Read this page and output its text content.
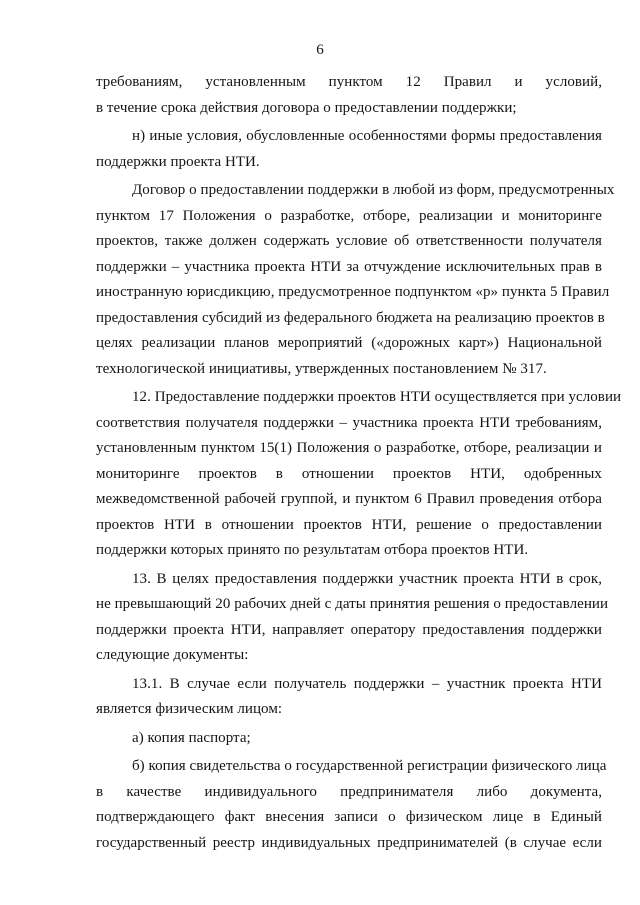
6
требованиям, установленным пунктом 12 Правил и условий,
в течение срока действия договора о предоставлении поддержки;
н) иные условия, обусловленные особенностями формы предоставления
поддержки проекта НТИ.
Договор о предоставлении поддержки в любой из форм, предусмотренных
пунктом 17 Положения о разработке, отборе, реализации и мониторинге
проектов, также должен содержать условие об ответственности получателя
поддержки – участника проекта НТИ за отчуждение исключительных прав в
иностранную юрисдикцию, предусмотренное подпунктом «р» пункта 5 Правил
предоставления субсидий из федерального бюджета на реализацию проектов в
целях реализации планов мероприятий («дорожных карт») Национальной
технологической инициативы, утвержденных постановлением № 317.
12. Предоставление поддержки проектов НТИ осуществляется при условии
соответствия получателя поддержки – участника проекта НТИ требованиям,
установленным пунктом 15(1) Положения о разработке, отборе, реализации и
мониторинге проектов в отношении проектов НТИ, одобренных
межведомственной рабочей группой, и пунктом 6 Правил проведения отбора
проектов НТИ в отношении проектов НТИ, решение о предоставлении
поддержки которых принято по результатам отбора проектов НТИ.
13. В целях предоставления поддержки участник проекта НТИ в срок,
не превышающий 20 рабочих дней с даты принятия решения о предоставлении
поддержки проекта НТИ, направляет оператору предоставления поддержки
следующие документы:
13.1. В случае если получатель поддержки – участник проекта НТИ
является физическим лицом:
а) копия паспорта;
б) копия свидетельства о государственной регистрации физического лица
в качестве индивидуального предпринимателя либо документа,
подтверждающего факт внесения записи о физическом лице в Единый
государственный реестр индивидуальных предпринимателей (в случае если
